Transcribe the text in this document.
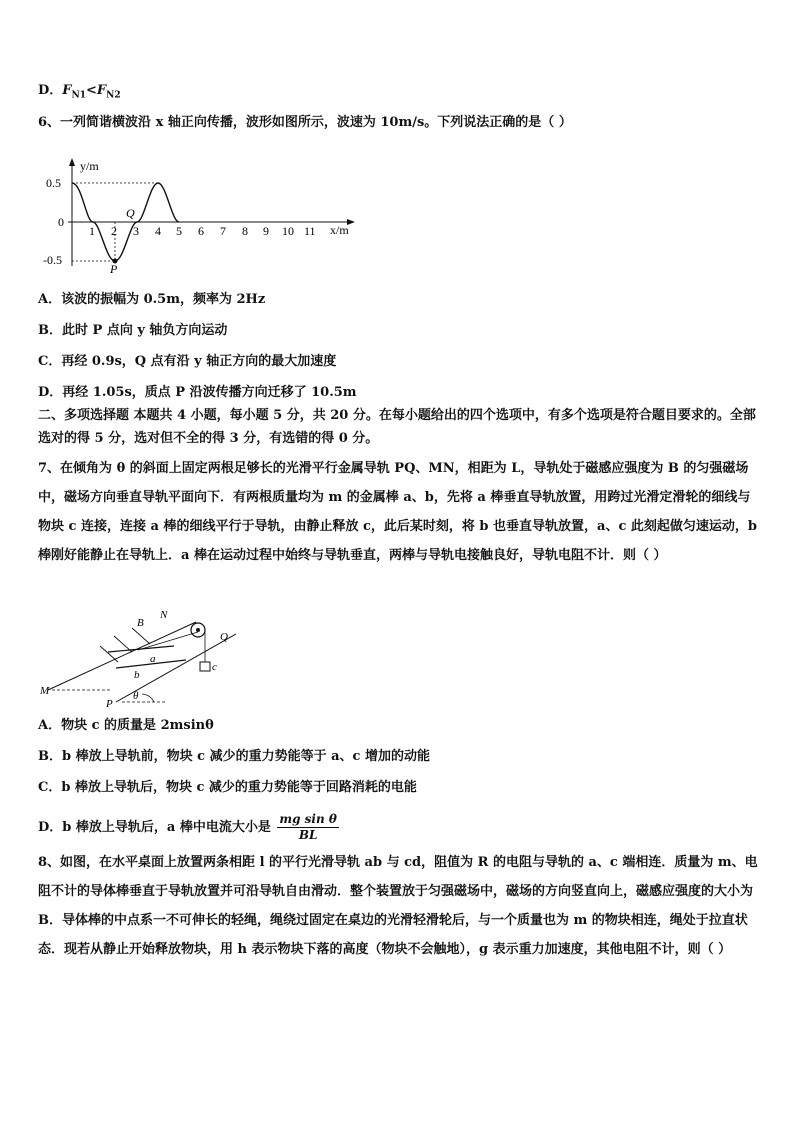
D．$F_{N1}<F_{N2}$
6、一列简谐横波沿 x 轴正向传播，波形如图所示，波速为 10m/s。下列说法正确的是（ ）
y/m
x/m
0.5
0
-0.5
1 2 3 4 5 6 7 8 9 10 11
P
Q
A．该波的振幅为 0.5m，频率为 2Hz
B．此时 P 点向 y 轴负方向运动
C．再经 0.9s，Q 点有沿 y 轴正方向的最大加速度
D．再经 1.05s，质点 P 沿波传播方向迁移了 10.5m
二、多项选择题 本题共 4 小题，每小题 5 分，共 20 分。在每小题给出的四个选项中，有多个选项是符合题目要求的。全部选对的得 5 分，选对但不全的得 3 分，有选错的得 0 分。
7、在倾角为 θ 的斜面上固定两根足够长的光滑平行金属导轨 PQ、MN，相距为 L，导轨处于磁感应强度为 B 的匀强磁场中，磁场方向垂直导轨平面向下．有两根质量均为 m 的金属棒 a、b，先将 a 棒垂直导轨放置，用跨过光滑定滑轮的细线与物块 c 连接，连接 a 棒的细线平行于导轨，由静止释放 c，此后某时刻，将 b 也垂直导轨放置，a、c 此刻起做匀速运动，b 棒刚好能静止在导轨上．a 棒在运动过程中始终与导轨垂直，两棒与导轨电接触良好，导轨电阻不计．则（ ）
B
N
Q
M
P
a
b
c
θ
A．物块 c 的质量是 2msinθ
B．b 棒放上导轨前，物块 c 减少的重力势能等于 a、c 增加的动能
C．b 棒放上导轨后，物块 c 减少的重力势能等于回路消耗的电能
D．b 棒放上导轨后，a 棒中电流大小是 $\frac{\text{mg sin θ}}{BL}$
8、如图，在水平桌面上放置两条相距 l 的平行光滑导轨 ab 与 cd，阻值为 R 的电阻与导轨的 a、c 端相连．质量为 m、电阻不计的导体棒垂直于导轨放置并可沿导轨自由滑动．整个装置放于匀强磁场中，磁场的方向竖直向上，磁感应强度的大小为 B．导体棒的中点系一不可伸长的轻绳，绳绕过固定在桌边的光滑轻滑轮后，与一个质量也为 m 的物块相连，绳处于拉直状态．现若从静止开始释放物块，用 h 表示物块下落的高度（物块不会触地），g 表示重力加速度，其他电阻不计，则（ ）
